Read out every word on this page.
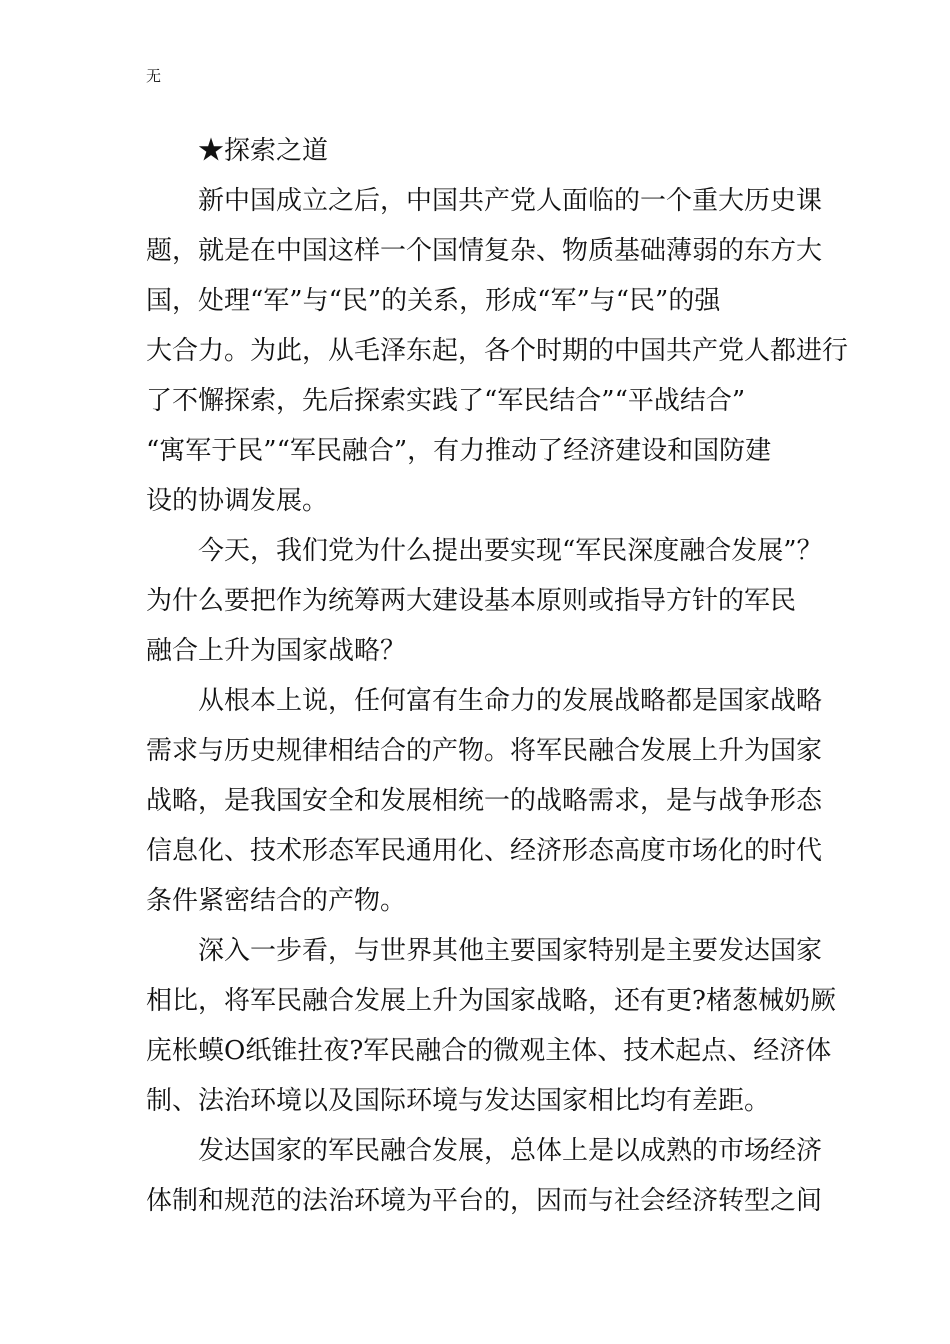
无

★探索之道

新中国成立之后，中国共产党人面临的一个重大历史课

题，就是在中国这样一个国情复杂、物质基础薄弱的东方大

国，处理“军”与“民”的关系，形成“军”与“民”的强

大合力。为此，从毛泽东起，各个时期的中国共产党人都进行

了不懈探索，先后探索实践了“军民结合”“平战结合”

“寓军于民”“军民融合”，有力推动了经济建设和国防建

设的协调发展。

今天，我们党为什么提出要实现“军民深度融合发展”？

为什么要把作为统筹两大建设基本原则或指导方针的军民

融合上升为国家战略？

从根本上说，任何富有生命力的发展战略都是国家战略

需求与历史规律相结合的产物。将军民融合发展上升为国家

战略，是我国安全和发展相统一的战略需求，是与战争形态

信息化、技术形态军民通用化、经济形态高度市场化的时代

条件紧密结合的产物。

深入一步看，与世界其他主要国家特别是主要发达国家

相比，将军民融合发展上升为国家战略，还有更?楮葱械奶厥

庑枨蟆O纸锥扗夜?军民融合的微观主体、技术起点、经济体

制、法治环境以及国际环境与发达国家相比均有差距。

发达国家的军民融合发展，总体上是以成熟的市场经济

体制和规范的法治环境为平台的，因而与社会经济转型之间
